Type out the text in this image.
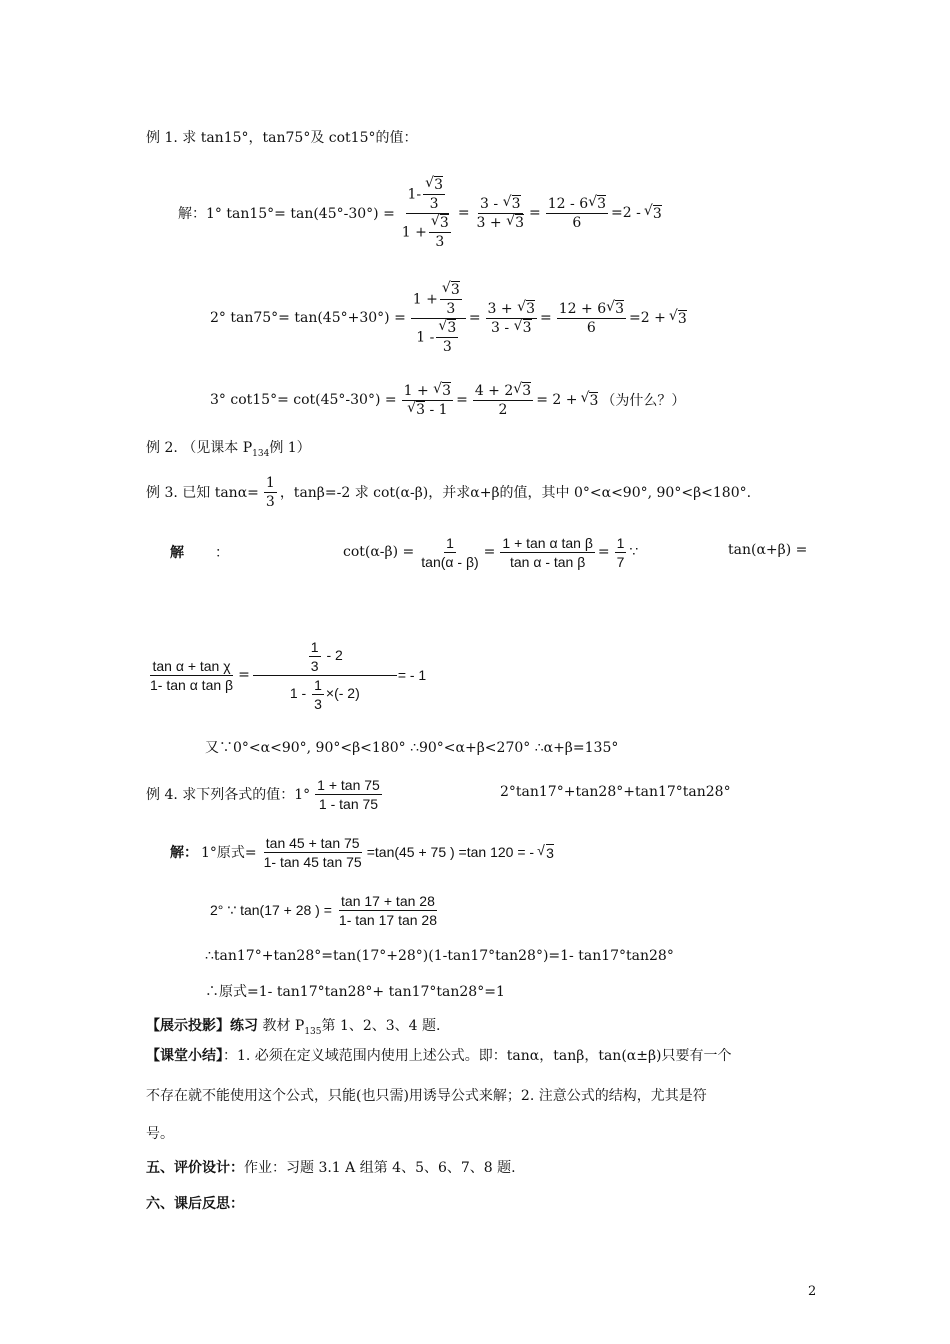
例 1. 求 tan15°，tan75°及 cot15°的值：
解：1° tan15°= tan(45°-30°) = 1-
√ $\frac{3}{3}$
1 +
√ $\frac{3}{3} = \frac{3 - √ 3}{3 + √ 3} = \frac{12 - 6√ 3}{6} =2$ -
√ 3
2° tan75°= tan(45°+30°) = 1 +
√ $\frac{3}{3}$
1 -
√ $\frac{3}{3} = \frac{3 + √ 3}{3 - √ 3} = \frac{12 + 6√ 3}{6} =2$ +
√ 3
3° cot15°= cot(45°-30°) = 1 + √ 3
√ $3 - 1 = \frac{4 + 2√ 3}{2} = 2$ +
√ 3 （为什么？）
例 2. （见课本 $P_{134}$例 1）
例 3. 已知 $\tan\alpha= \frac{1}{3}$ ，tanβ=-2 求 cot(α-β)，并求α+β的值，其中 0°<α<90°, 90°<β<180°.
解	：	$\cot(\alpha-\beta) = \frac{1}{\tan(\alpha - \beta)} = \frac{\text{1 + tan α tan β}}{\text{tan α - tan β}} = \frac{1}{7}$ ∵	tan(α+β) =
$\frac{\text{tan α + tan χ}}{\text{1- tan α tan β}} = \frac{\frac{1}{3} - 2}{1 - \frac{1}{3} \times(- 2)}$ = - 1
又∵0°<α<90°, 90°<β<180° ∴90°<α+β<270° ∴α+β=135°
例 4. 求下列各式的值：$1^\circ \frac{1 + \tan 75}{1 - \tan 75}$	2°tan17°+tan28°+tan17°tan28°
解： 1°原式= $\frac{\tan 45 + \tan 75}{1- \tan 45 \tan 75} =\tan(45 + 75$ ) =tan 120 = -
√ 3
2° ∵ tan(17 + 28 ) = $\frac{\tan 17 + \tan 28}{1- \tan 17 \tan 28}$
∴tan17°+tan28°=tan(17°+28°)(1-tan17°tan28°)=1- tan17°tan28°
∴原式=1- tan17°tan28°+ tan17°tan28°=1
【展示投影】练习 教材 $P_{135}$第 1、2、3、4 题.
【课堂小结】：1. 必须在定义域范围内使用上述公式。即：tanα，tanβ，tan(α±β)只要有一个
不存在就不能使用这个公式，只能(也只需)用诱导公式来解；2. 注意公式的结构，尤其是符
号。
五、评价设计：作业：习题 3.1 A 组第 4、5、6、7、8 题.
六、课后反思：
2
